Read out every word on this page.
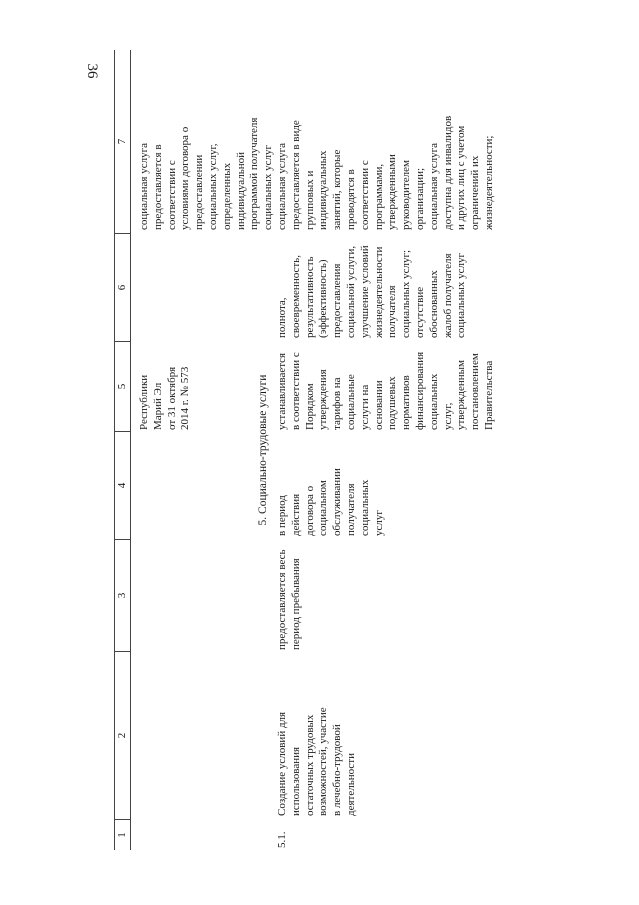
36
1
2
3
4
5
6
7
Республики
Марий Эл
от 31 октября
2014 г. № 573
социальная услуга
предоставляется в
соответствии с
условиями договора о
предоставлении
социальных услуг,
определенных
индивидуальной
программой получателя
социальных услуг
5. Социально-трудовые услуги
5.1.
Создание условий для
использования
остаточных трудовых
возможностей, участие
в лечебно-трудовой
деятельности
предоставляется весь
период пребывания
в период
действия
договора о
социальном
обслуживании
получателя
социальных
услуг
устанавливается
в соответствии с
Порядком
утверждения
тарифов на
социальные
услуги на
основании
подушевых
нормативов
финансирования
социальных
услуг,
утвержденным
постановлением
Правительства
полнота,
своевременность,
результативность
(эффективность)
предоставления
социальной услуги,
улучшение условий
жизнедеятельности
получателя
социальных услуг;
отсутствие
обоснованных
жалоб получателя
социальных услуг
социальная услуга
предоставляется в виде
групповых и
индивидуальных
занятий, которые
проводятся в
соответствии с
программами,
утвержденными
руководителем
организации;
социальная услуга
доступна для инвалидов
и других лиц с учетом
ограничений их
жизнедеятельности;
